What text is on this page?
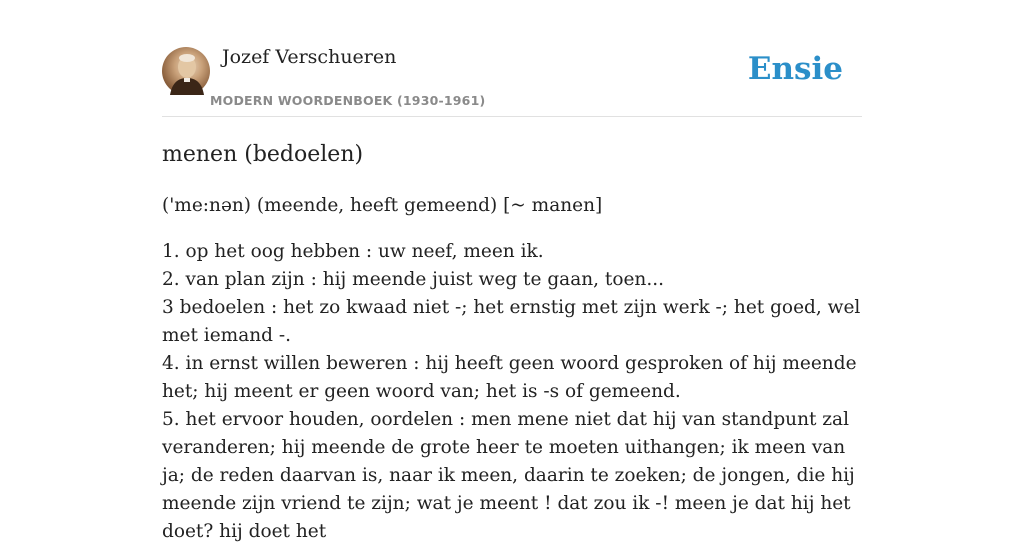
Jozef Verschueren
MODERN WOORDENBOEK (1930-1961)
Ensie
menen (bedoelen)

('me:nən) (meende, heeft gemeend) [~ manen]

1. op het oog hebben : uw neef, meen ik.
2. van plan zijn : hij meende juist weg te gaan, toen...
3 bedoelen : het zo kwaad niet -; het ernstig met zijn werk -; het goed, wel met iemand -.
4. in ernst willen beweren : hij heeft geen woord gesproken of hij meende het; hij meent er geen woord van; het is -s of gemeend.
5. het ervoor houden, oordelen : men mene niet dat hij van standpunt zal veranderen; hij meende de grote heer te moeten uithangen; ik meen van ja; de reden daarvan is, naar ik meen, daarin te zoeken; de jongen, die hij meende zijn vriend te zijn; wat je meent ! dat zou ik -! meen je dat hij het doet? hij doet het
